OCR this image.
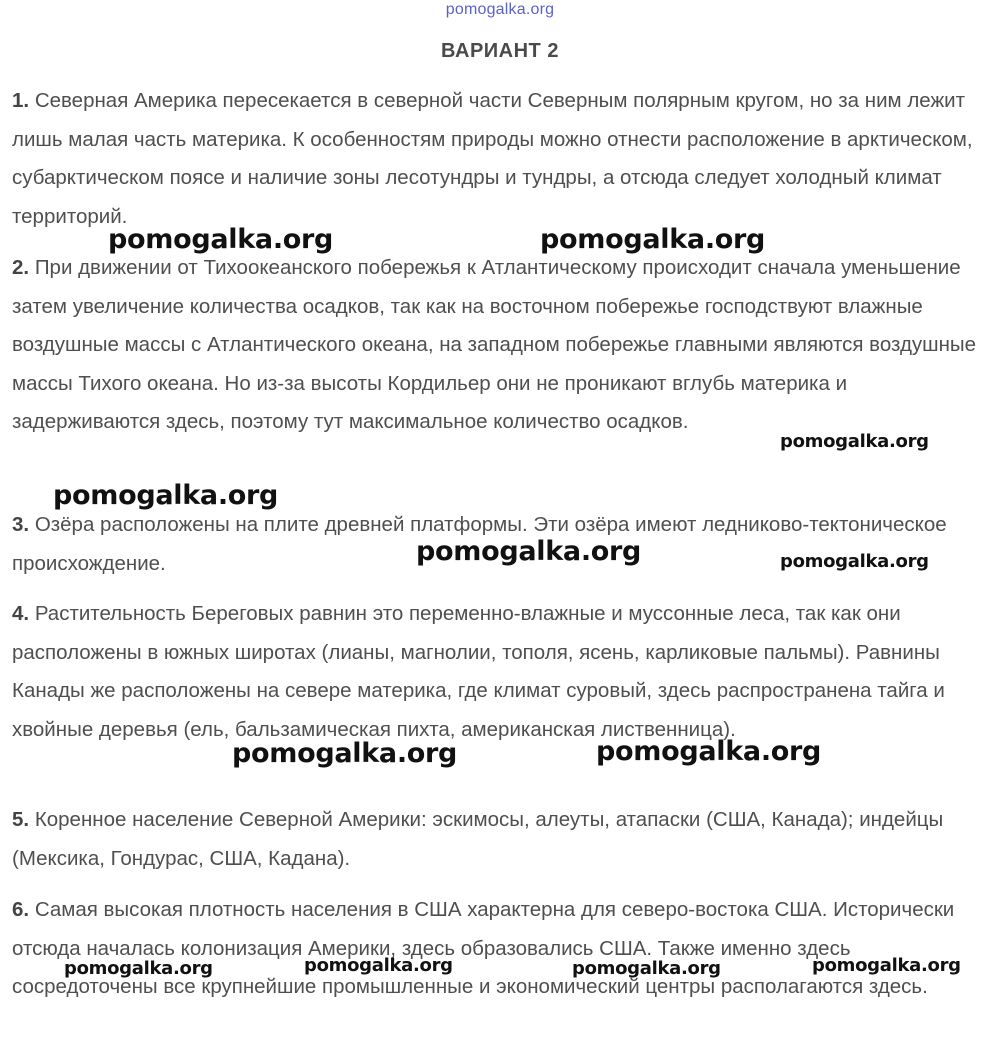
pomogalka.org
ВАРИАНТ 2
1. Северная Америка пересекается в северной части Северным полярным кругом, но за ним лежит лишь малая часть материка. К особенностям природы можно отнести расположение в арктическом, субарктическом поясе и наличие зоны лесотундры и тундры, а отсюда следует холодный климат территорий.
2. При движении от Тихоокеанского побережья к Атлантическому происходит сначала уменьшение затем увеличение количества осадков, так как на восточном побережье господствуют влажные воздушные массы с Атлантического океана, на западном побережье главными являются воздушные массы Тихого океана. Но из-за высоты Кордильер они не проникают вглубь материка и задерживаются здесь, поэтому тут максимальное количество осадков.
3. Озёра расположены на плите древней платформы. Эти озёра имеют ледниково-тектоническое происхождение.
4. Растительность Береговых равнин это переменно-влажные и муссонные леса, так как они расположены в южных широтах (лианы, магнолии, тополя, ясень, карликовые пальмы). Равнины Канады же расположены на севере материка, где климат суровый, здесь распространена тайга и хвойные деревья (ель, бальзамическая пихта, американская лиственница).
5. Коренное население Северной Америки: эскимосы, алеуты, атапаски (США, Канада); индейцы (Мексика, Гондурас, США, Кадана).
6. Самая высокая плотность населения в США характерна для северо-востока США. Исторически отсюда началась колонизация Америки, здесь образовались США. Также именно здесь сосредоточены все крупнейшие промышленные и экономический центры располагаются здесь.
pomogalka.org	pomogalka.org
pomogalka.org
pomogalka.org
pomogalka.org	pomogalka.org
pomogalka.org	pomogalka.org
pomogalka.org	pomogalka.org	pomogalka.org	pomogalka.org
